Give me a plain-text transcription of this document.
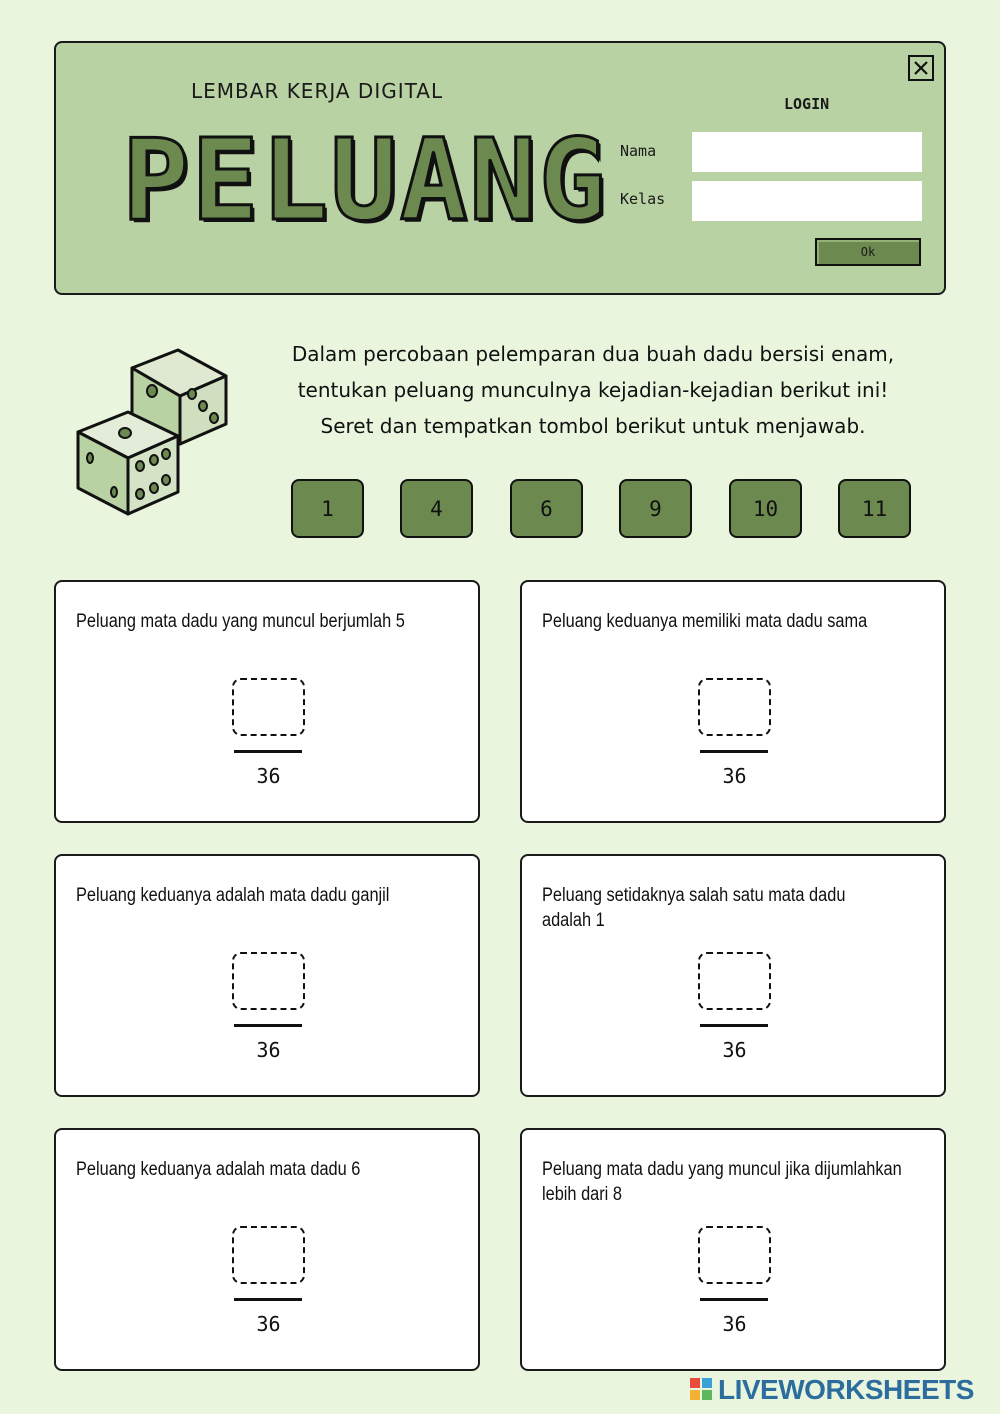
LEMBAR KERJA DIGITAL
PELUANG
LOGIN
Nama
Kelas
Ok
Dalam percobaan pelemparan dua buah dadu bersisi enam,
tentukan peluang munculnya kejadian-kejadian berikut ini!
Seret dan tempatkan tombol berikut untuk menjawab.
1	4	6	9	10	11
Peluang mata dadu yang muncul berjumlah 5
36
Peluang keduanya memiliki mata dadu sama
36
Peluang keduanya adalah mata dadu ganjil
36
Peluang setidaknya salah satu mata dadu adalah 1
36
Peluang keduanya adalah mata dadu 6
36
Peluang mata dadu yang muncul jika dijumlahkan lebih dari 8
36
LIVEWORKSHEETS
